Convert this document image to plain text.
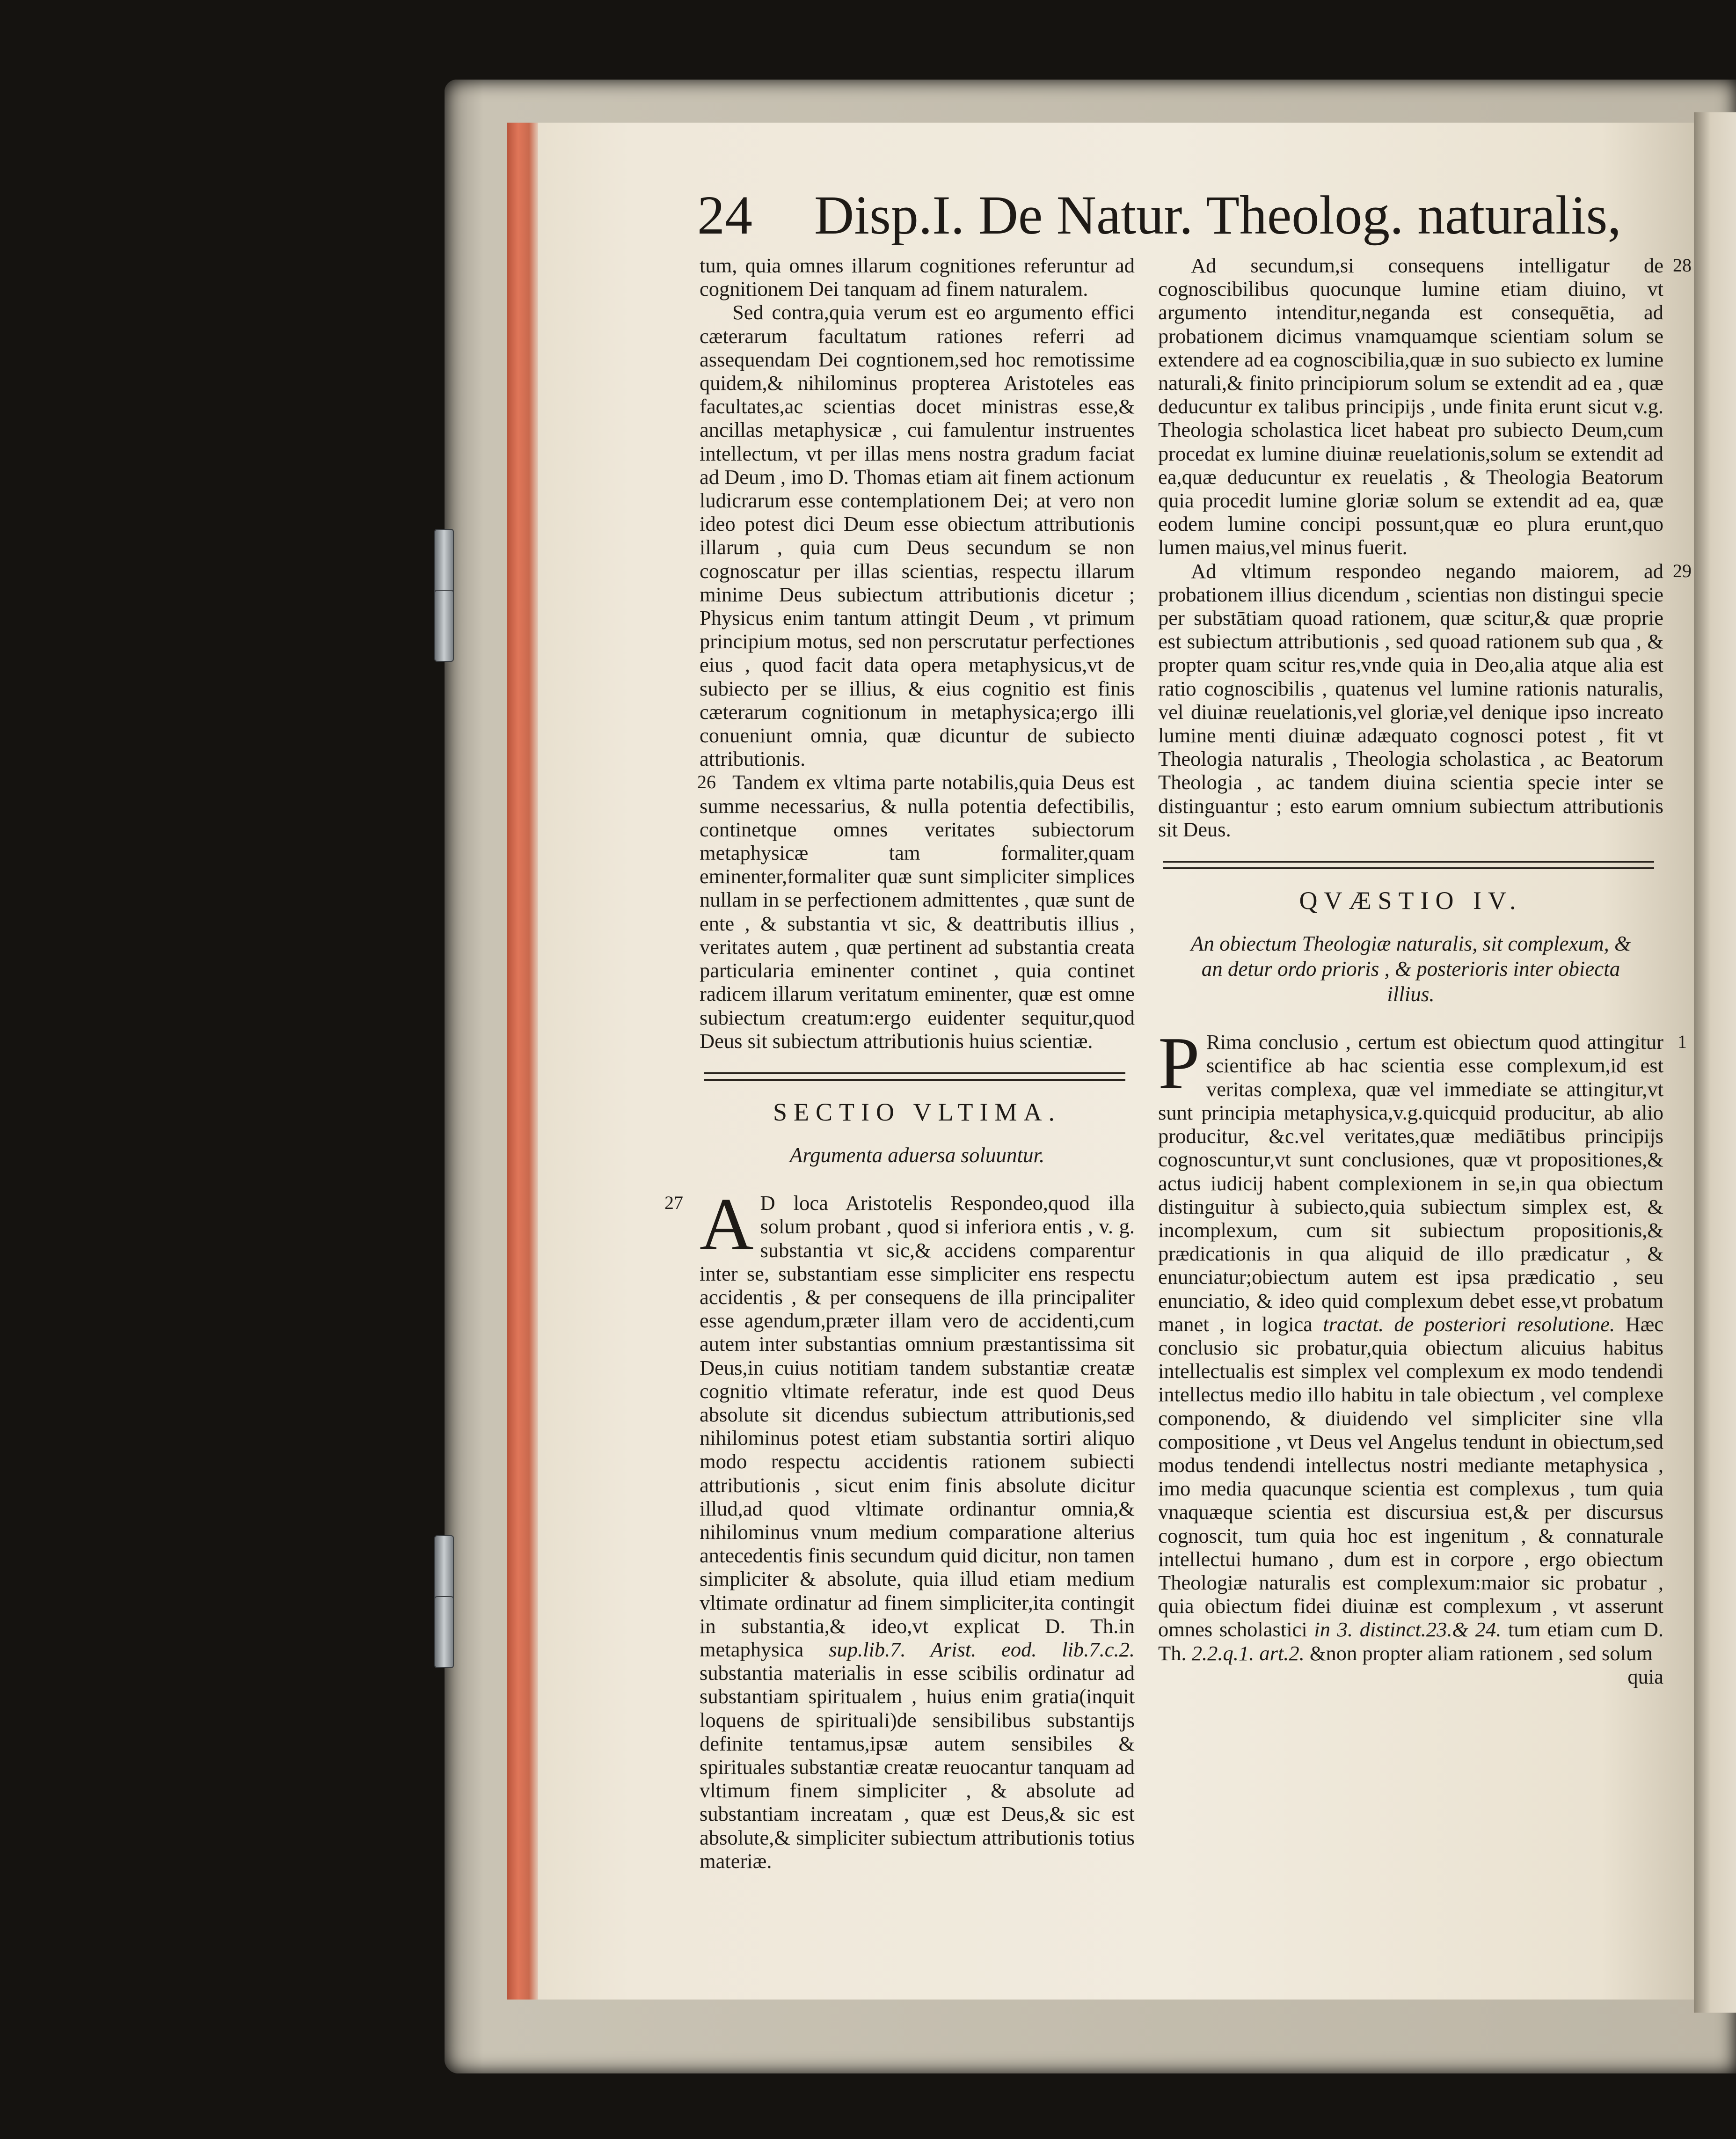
24 Disp.I. De Natur. Theolog. naturalis,

tum, quia omnes illarum cognitiones referuntur ad cognitionem Dei tanquam ad finem naturalem.

Sed contra,quia verum est eo argumento effici cæterarum facultatum rationes referri ad assequendam Dei cogntionem,sed hoc remotissime quidem,& nihilominus propterea Aristoteles eas facultates,ac scientias docet ministras esse,& ancillas metaphysicæ , cui famulentur instruentes intellectum, vt per illas mens nostra gradum faciat ad Deum , imo D. Thomas etiam ait finem actionum ludicrarum esse contemplationem Dei; at vero non ideo potest dici Deum esse obiectum attributionis illarum , quia cum Deus secundum se non cognoscatur per illas scientias, respectu illarum minime Deus subiectum attributionis dicetur ; Physicus enim tantum attingit Deum , vt primum principium motus, sed non perscrutatur perfectiones eius , quod facit data opera metaphysicus,vt de subiecto per se illius, & eius cognitio est finis cæterarum cognitionum in metaphysica;ergo illi conueniunt omnia, quæ dicuntur de subiecto attributionis.

26 Tandem ex vltima parte notabilis,quia Deus est summe necessarius, & nulla potentia defectibilis, continetque omnes veritates subiectorum metaphysicæ tam formaliter,quam eminenter,formaliter quæ sunt simpliciter simplices nullam in se perfectionem admittentes , quæ sunt de ente , & substantia vt sic, & deattributis illius , veritates autem , quæ pertinent ad substantia creata particularia eminenter continet , quia continet radicem illarum veritatum eminenter, quæ est omne subiectum creatum:ergo euidenter sequitur,quod Deus sit subiectum attributionis huius scientiæ.

SECTIO VLTIMA.
Argumenta aduersa soluuntur.

27 A D loca Aristotelis Respondeo,quod illa solum probant , quod si inferiora entis , v. g. substantia vt sic,& accidens comparentur inter se, substantiam esse simpliciter ens respectu accidentis , & per consequens de illa principaliter esse agendum,præter illam vero de accidenti,cum autem inter substantias omnium præstantissima sit Deus,in cuius notitiam tandem substantiæ creatæ cognitio vltimate referatur, inde est quod Deus absolute sit dicendus subiectum attributionis,sed nihilominus potest etiam substantia sortiri aliquo modo respectu accidentis rationem subiecti attributionis , sicut enim finis absolute dicitur illud,ad quod vltimate ordinantur omnia,& nihilominus vnum medium comparatione alterius antecedentis finis secundum quid dicitur, non tamen simpliciter & absolute, quia illud etiam medium vltimate ordinatur ad finem simpliciter,ita contingit in substantia,& ideo,vt explicat D. Th.in metaphysica sup.lib.7. Arist. eod. lib.7.c.2. substantia materialis in esse scibilis ordinatur ad substantiam spiritualem , huius enim gratia(inquit loquens de spirituali)de sensibilibus substantijs definite tentamus,ipsæ autem sensibiles & spirituales substantiæ creatæ reuocantur tanquam ad vltimum finem simpliciter , & absolute ad substantiam increatam , quæ est Deus,& sic est absolute,& simpliciter subiectum attributionis totius materiæ.

28
Ad secundum,si consequens intelligatur de cognoscibilibus quocunque lumine etiam diuino, vt argumento intenditur,neganda est consequētia, ad probationem dicimus vnamquamque scientiam solum se extendere ad ea cognoscibilia,quæ in suo subiecto ex lumine naturali,& finito principiorum solum se extendit ad ea , quæ deducuntur ex talibus principijs , unde finita erunt sicut v.g. Theologia scholastica licet habeat pro subiecto Deum,cum procedat ex lumine diuinæ reuelationis,solum se extendit ad ea,quæ deducuntur ex reuelatis , & Theologia Beatorum quia procedit lumine gloriæ solum se extendit ad ea, quæ eodem lumine concipi possunt,quæ eo plura erunt,quo lumen maius,vel minus fuerit.

29
Ad vltimum respondeo negando maiorem, ad probationem illius dicendum , scientias non distingui specie per substātiam quoad rationem, quæ scitur,& quæ proprie est subiectum attributionis , sed quoad rationem sub qua , & propter quam scitur res,vnde quia in Deo,alia atque alia est ratio cognoscibilis , quatenus vel lumine rationis naturalis, vel diuinæ reuelationis,vel gloriæ,vel denique ipso increato lumine menti diuinæ adæquato cognosci potest , fit vt Theologia naturalis , Theologia scholastica , ac Beatorum Theologia , ac tandem diuina scientia specie inter se distinguantur ; esto earum omnium subiectum attributionis sit Deus.

QVÆSTIO IV.
An obiectum Theologiæ naturalis, sit complexum, & an detur ordo prioris , & posterioris inter obiecta illius.

1
P Rima conclusio , certum est obiectum quod attingitur scientifice ab hac scientia esse complexum,id est veritas complexa, quæ vel immediate se attingitur,vt sunt principia metaphysica,v.g.quicquid producitur, ab alio producitur, &c.vel veritates,quæ mediātibus principijs cognoscuntur,vt sunt conclusiones, quæ vt propositiones,& actus iudicij habent complexionem in se,in qua obiectum distinguitur à subiecto,quia subiectum simplex est, & incomplexum, cum sit subiectum propositionis,& prædicationis in qua aliquid de illo prædicatur , & enunciatur;obiectum autem est ipsa prædicatio , seu enunciatio, & ideo quid complexum debet esse,vt probatum manet , in logica tractat. de posteriori resolutione. Hæc conclusio sic probatur,quia obiectum alicuius habitus intellectualis est simplex vel complexum ex modo tendendi intellectus medio illo habitu in tale obiectum , vel complexe componendo, & diuidendo vel simpliciter sine vlla compositione , vt Deus vel Angelus tendunt in obiectum,sed modus tendendi intellectus nostri mediante metaphysica , imo media quacunque scientia est complexus , tum quia vnaquæque scientia est discursiua est,& per discursus cognoscit, tum quia hoc est ingenitum , & connaturale intellectui humano , dum est in corpore , ergo obiectum Theologiæ naturalis est complexum:maior sic probatur , quia obiectum fidei diuinæ est complexum , vt asserunt omnes scholastici in 3. distinct.23.& 24. tum etiam cum D. Th. 2.2.q.1. art.2. &non propter aliam rationem , sed solum

quia
